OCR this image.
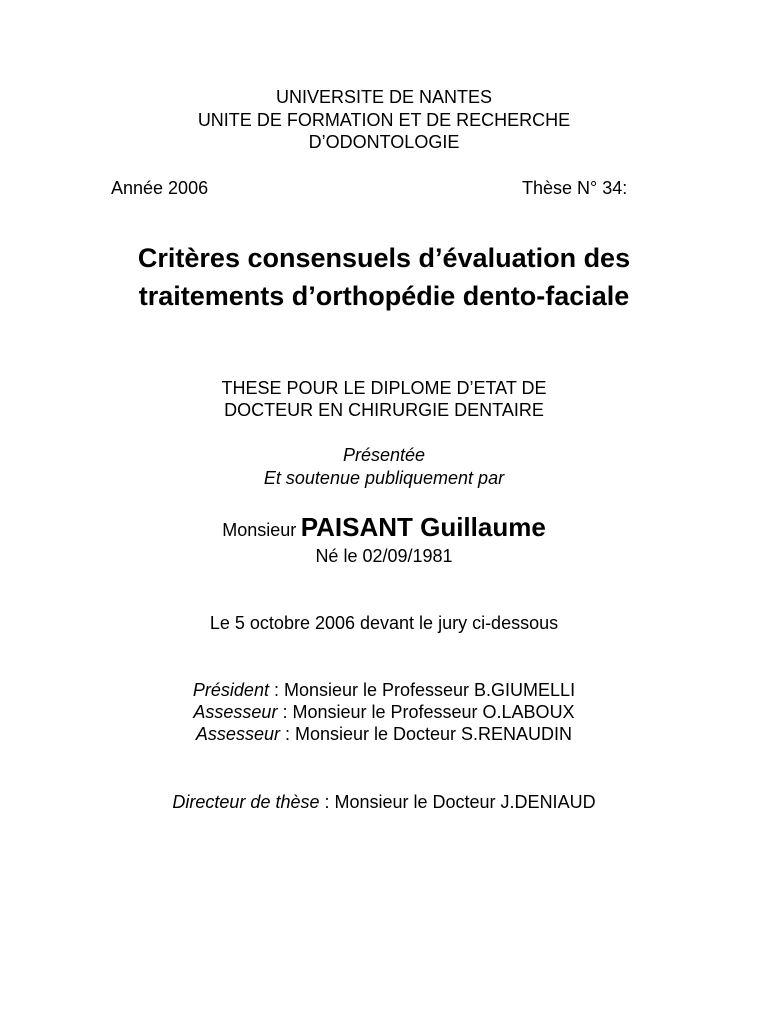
UNIVERSITE DE NANTES
UNITE DE FORMATION ET DE RECHERCHE
D’ODONTOLOGIE
Année 2006	Thèse N° 34:
Critères consensuels d’évaluation des
traitements d’orthopédie dento-faciale
THESE POUR LE DIPLOME D’ETAT DE
DOCTEUR EN CHIRURGIE DENTAIRE
Présentée
Et soutenue publiquement par
Monsieur PAISANT Guillaume
Né le 02/09/1981
Le 5 octobre 2006 devant le jury ci-dessous
Président : Monsieur le Professeur B.GIUMELLI
Assesseur : Monsieur le Professeur O.LABOUX
Assesseur : Monsieur le Docteur S.RENAUDIN
Directeur de thèse : Monsieur le Docteur J.DENIAUD
